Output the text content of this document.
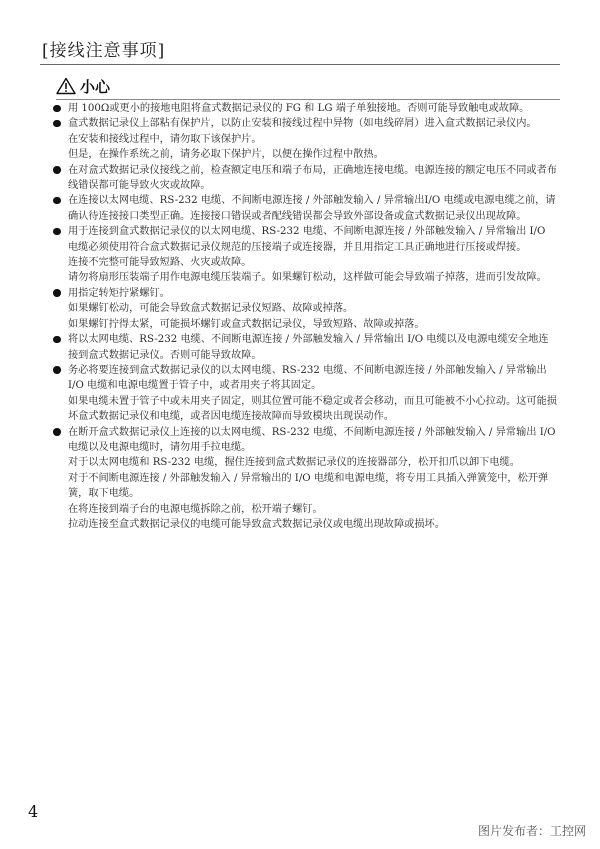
[接线注意事项]
小心

用 100Ω或更小的接地电阻将盒式数据记录仪的 FG 和 LG 端子单独接地。否则可能导致触电或故障。

盒式数据记录仪上部粘有保护片，以防止安装和接线过程中异物（如电线碎屑）进入盒式数据记录仪内。

在安装和接线过程中，请勿取下该保护片。

但是，在操作系统之前，请务必取下保护片，以便在操作过程中散热。

在对盒式数据记录仪接线之前，检查额定电压和端子布局，正确地连接电缆。电源连接的额定电压不同或者布线错误都可能导致火灾或故障。

在连接以太网电缆、RS-232 电缆、不间断电源连接 / 外部触发输入 / 异常输出I/O 电缆或电源电缆之前，请确认待连接接口类型正确。连接接口错误或者配线错误都会导致外部设备或盒式数据记录仪出现故障。

用于连接到盒式数据记录仪的以太网电缆、RS-232 电缆、不间断电源连接 / 外部触发输入 / 异常输出 I/O 电缆必须使用符合盒式数据记录仪规范的压接端子或连接器，并且用指定工具正确地进行压接或焊接。

连接不完整可能导致短路、火灾或故障。

请勿将扇形压装端子用作电源电缆压装端子。如果螺钉松动，这样做可能会导致端子掉落，进而引发故障。

用指定转矩拧紧螺钉。

如果螺钉松动，可能会导致盒式数据记录仪短路、故障或掉落。

如果螺钉拧得太紧，可能损坏螺钉或盒式数据记录仪，导致短路、故障或掉落。

将以太网电缆、RS-232 电缆、不间断电源连接 / 外部触发输入 / 异常输出 I/O 电缆以及电源电缆安全地连接到盒式数据记录仪。否则可能导致故障。

务必将要连接到盒式数据记录仪的以太网电缆、RS-232 电缆、不间断电源连接 / 外部触发输入 / 异常输出 I/O 电缆和电源电缆置于管子中，或者用夹子将其固定。

如果电缆未置于管子中或未用夹子固定，则其位置可能不稳定或者会移动，而且可能被不小心拉动。这可能损坏盒式数据记录仪和电缆，或者因电缆连接故障而导致模块出现误动作。

在断开盒式数据记录仪上连接的以太网电缆、RS-232 电缆、不间断电源连接 / 外部触发输入 / 异常输出 I/O 电缆以及电源电缆时，请勿用手拉电缆。

对于以太网电缆和 RS-232 电缆，握住连接到盒式数据记录仪的连接器部分，松开扣爪以卸下电缆。

对于不间断电源连接 / 外部触发输入 / 异常输出的 I/O 电缆和电源电缆，将专用工具插入弹簧笼中，松开弹簧，取下电缆。

在将连接到端子台的电源电缆拆除之前，松开端子螺钉。

拉动连接至盒式数据记录仪的电缆可能导致盒式数据记录仪或电缆出现故障或损坏。

4
图片发布者：工控网
